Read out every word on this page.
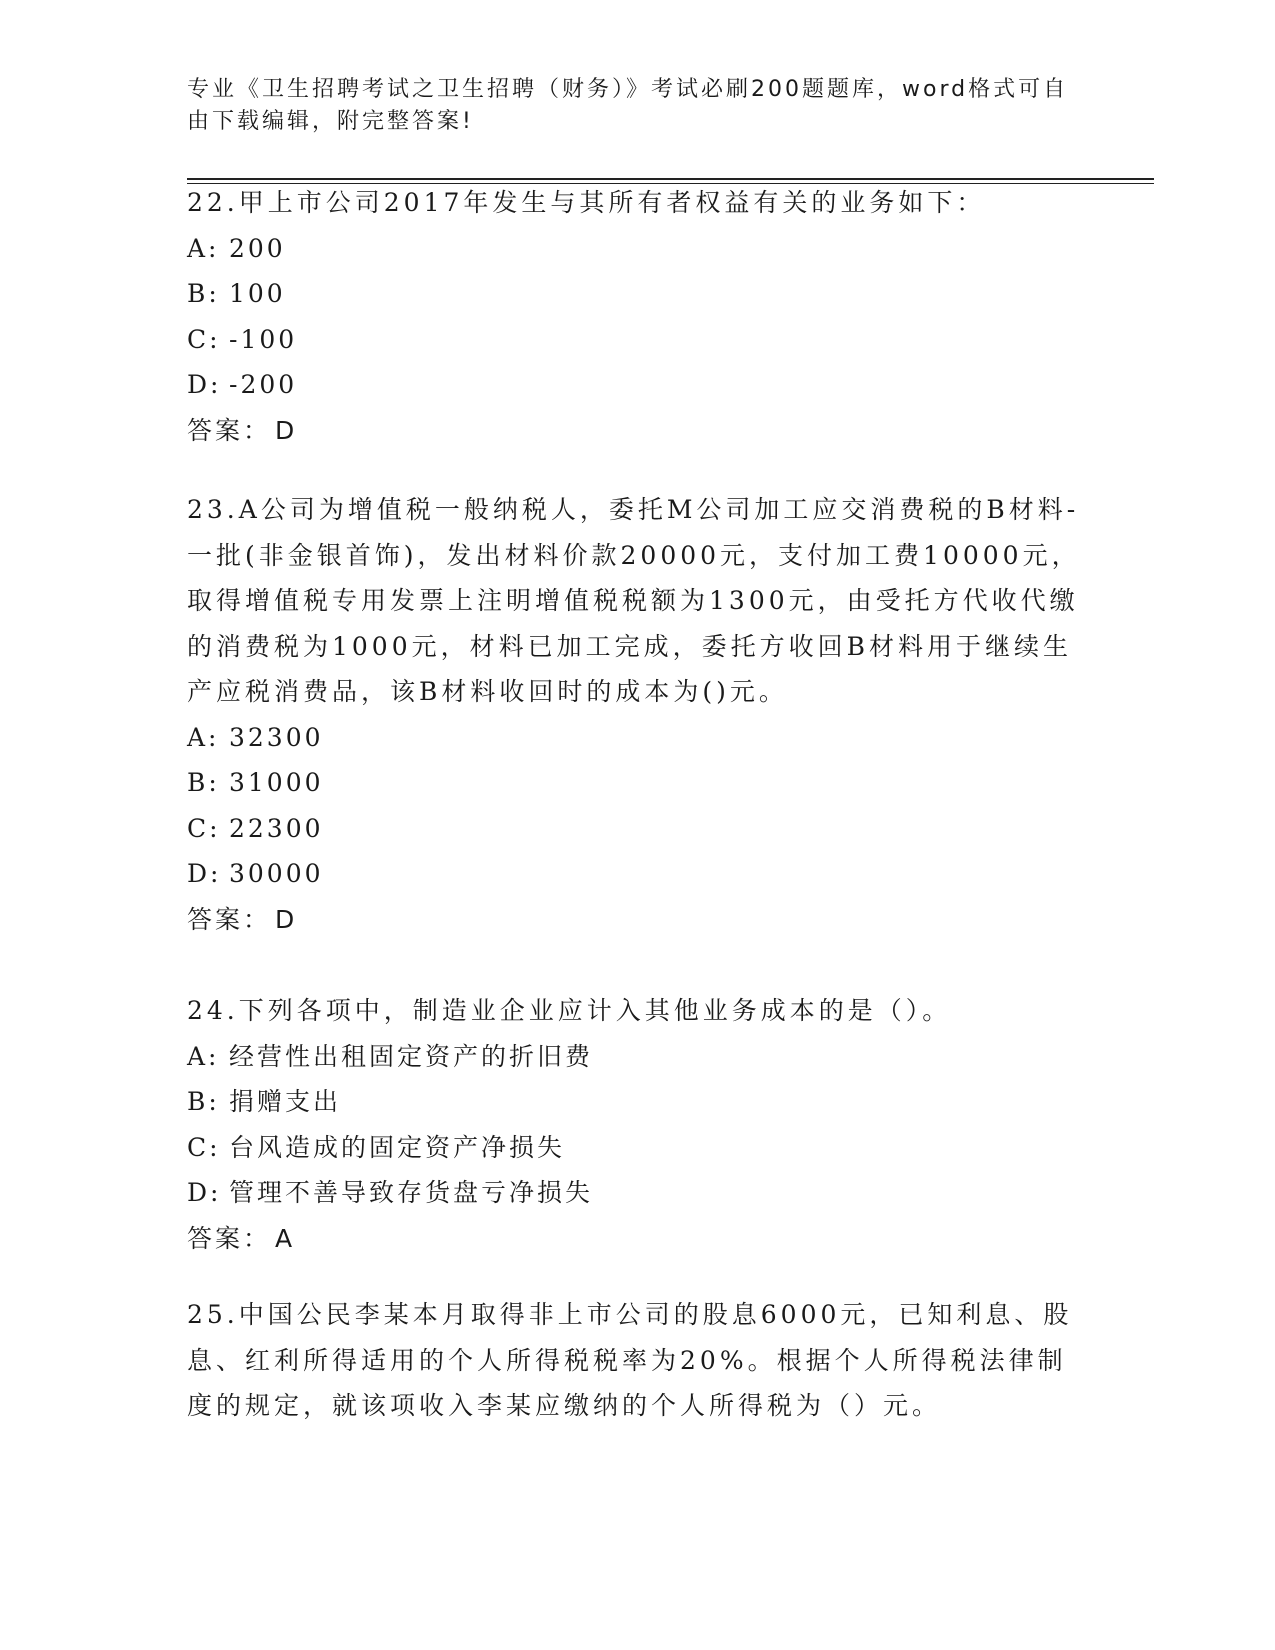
专业《卫生招聘考试之卫生招聘（财务）》考试必刷200题题库，word格式可自
由下载编辑，附完整答案!

22.甲上市公司2017年发生与其所有者权益有关的业务如下：

A: 200

B: 100

C: -100

D: -200

答案： D

23.A公司为增值税一般纳税人，委托M公司加工应交消费税的B材料-

一批(非金银首饰)，发出材料价款20000元，支付加工费10000元，

取得增值税专用发票上注明增值税税额为1300元，由受托方代收代缴

的消费税为1000元，材料已加工完成，委托方收回B材料用于继续生

产应税消费品，该B材料收回时的成本为()元。

A: 32300

B: 31000

C: 22300

D: 30000

答案： D

24.下列各项中，制造业企业应计入其他业务成本的是（）。

A: 经营性出租固定资产的折旧费

B: 捐赠支出

C: 台风造成的固定资产净损失

D: 管理不善导致存货盘亏净损失

答案： A

25.中国公民李某本月取得非上市公司的股息6000元，已知利息、股

息、红利所得适用的个人所得税税率为20%。根据个人所得税法律制

度的规定，就该项收入李某应缴纳的个人所得税为（）元。
